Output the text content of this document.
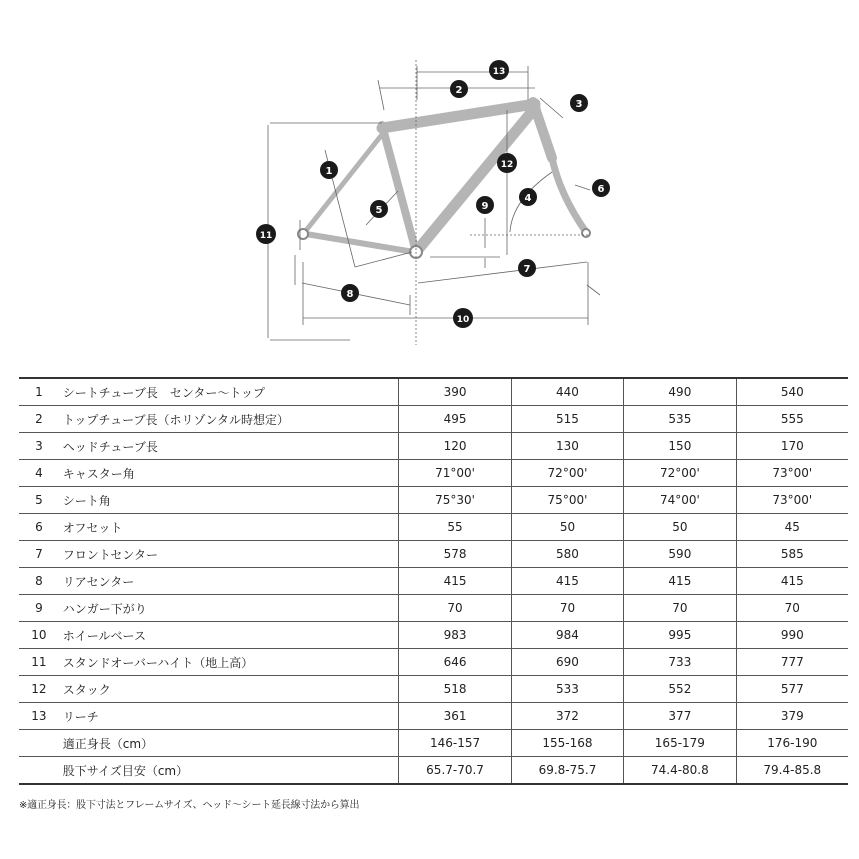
1
2
3
4
5
6
7
8
9
10
11
12
13
1	シートチューブ長　センター〜トップ	390	440	490	540
2	トップチューブ長（ホリゾンタル時想定）	495	515	535	555
3	ヘッドチューブ長	120	130	150	170
4	キャスター角	71°00'	72°00'	72°00'	73°00'
5	シート角	75°30'	75°00'	74°00'	73°00'
6	オフセット	55	50	50	45
7	フロントセンター	578	580	590	585
8	リアセンター	415	415	415	415
9	ハンガー下がり	70	70	70	70
10	ホイールベース	983	984	995	990
11	スタンドオーバーハイト（地上高）	646	690	733	777
12	スタック	518	533	552	577
13	リーチ	361	372	377	379
	適正身長（cm）	146-157	155-168	165-179	176-190
	股下サイズ目安（cm）	65.7-70.7	69.8-75.7	74.4-80.8	79.4-85.8
※適正身長：股下寸法とフレームサイズ、ヘッド〜シート延長線寸法から算出
